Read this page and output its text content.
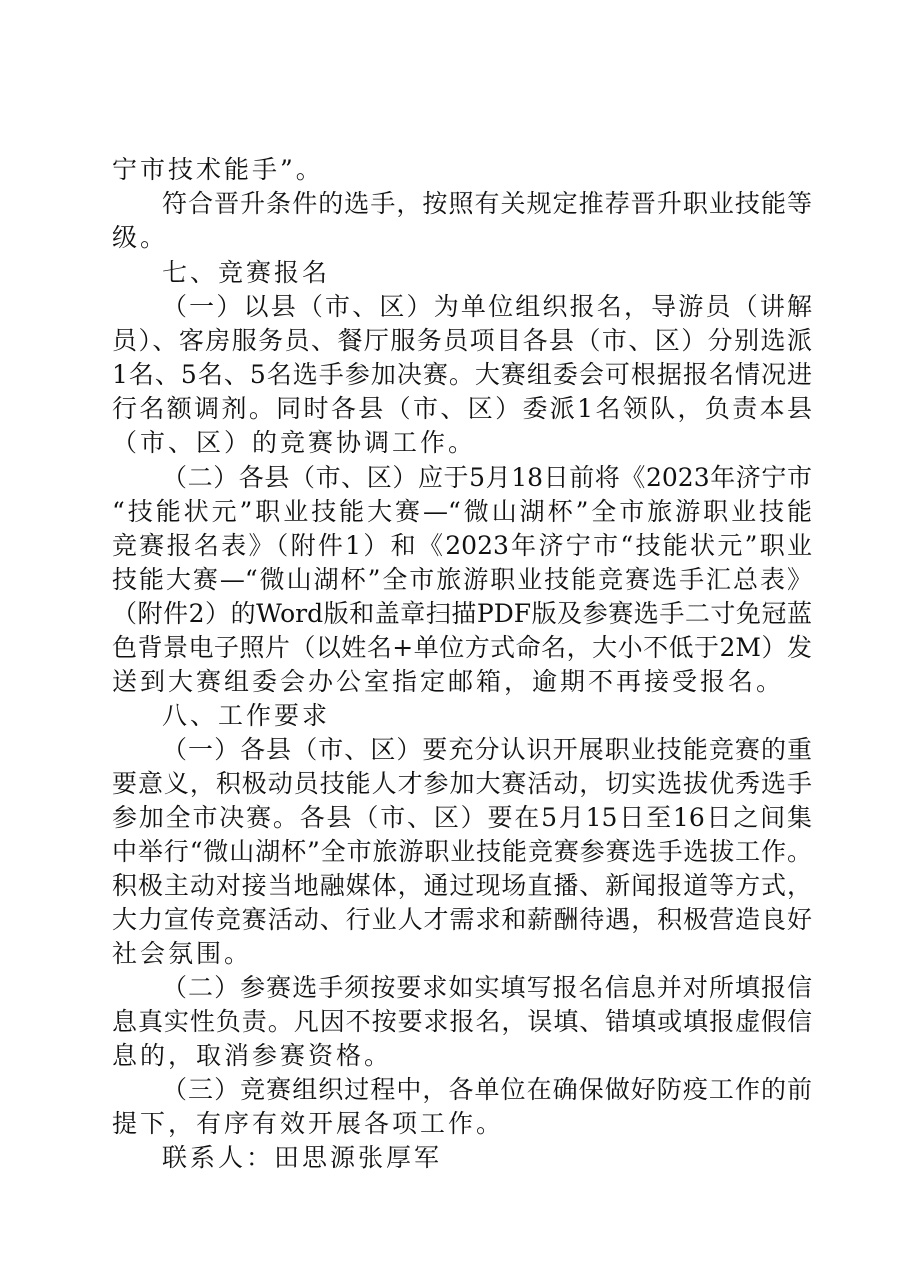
宁市技术能手”。
符合晋升条件的选手，按照有关规定推荐晋升职业技能等
级。
七、竞赛报名
（一）以县（市、区）为单位组织报名，导游员（讲解
员）、客房服务员、餐厅服务员项目各县（市、区）分别选派
1名、5名、5名选手参加决赛。大赛组委会可根据报名情况进
行名额调剂。同时各县（市、区）委派1名领队，负责本县
（市、区）的竞赛协调工作。
（二）各县（市、区）应于5月18日前将《2023年济宁市
“技能状元”职业技能大赛—“微山湖杯”全市旅游职业技能
竞赛报名表》（附件1）和《2023年济宁市“技能状元”职业
技能大赛—“微山湖杯”全市旅游职业技能竞赛选手汇总表》
（附件2）的Word版和盖章扫描PDF版及参赛选手二寸免冠蓝
色背景电子照片（以姓名+单位方式命名，大小不低于2M）发
送到大赛组委会办公室指定邮箱，逾期不再接受报名。
八、工作要求
（一）各县（市、区）要充分认识开展职业技能竞赛的重
要意义，积极动员技能人才参加大赛活动，切实选拔优秀选手
参加全市决赛。各县（市、区）要在5月15日至16日之间集
中举行“微山湖杯”全市旅游职业技能竞赛参赛选手选拔工作。
积极主动对接当地融媒体，通过现场直播、新闻报道等方式，
大力宣传竞赛活动、行业人才需求和薪酬待遇，积极营造良好
社会氛围。
（二）参赛选手须按要求如实填写报名信息并对所填报信
息真实性负责。凡因不按要求报名，误填、错填或填报虚假信
息的，取消参赛资格。
（三）竞赛组织过程中，各单位在确保做好防疫工作的前
提下，有序有效开展各项工作。
联系人：田思源张厚军
